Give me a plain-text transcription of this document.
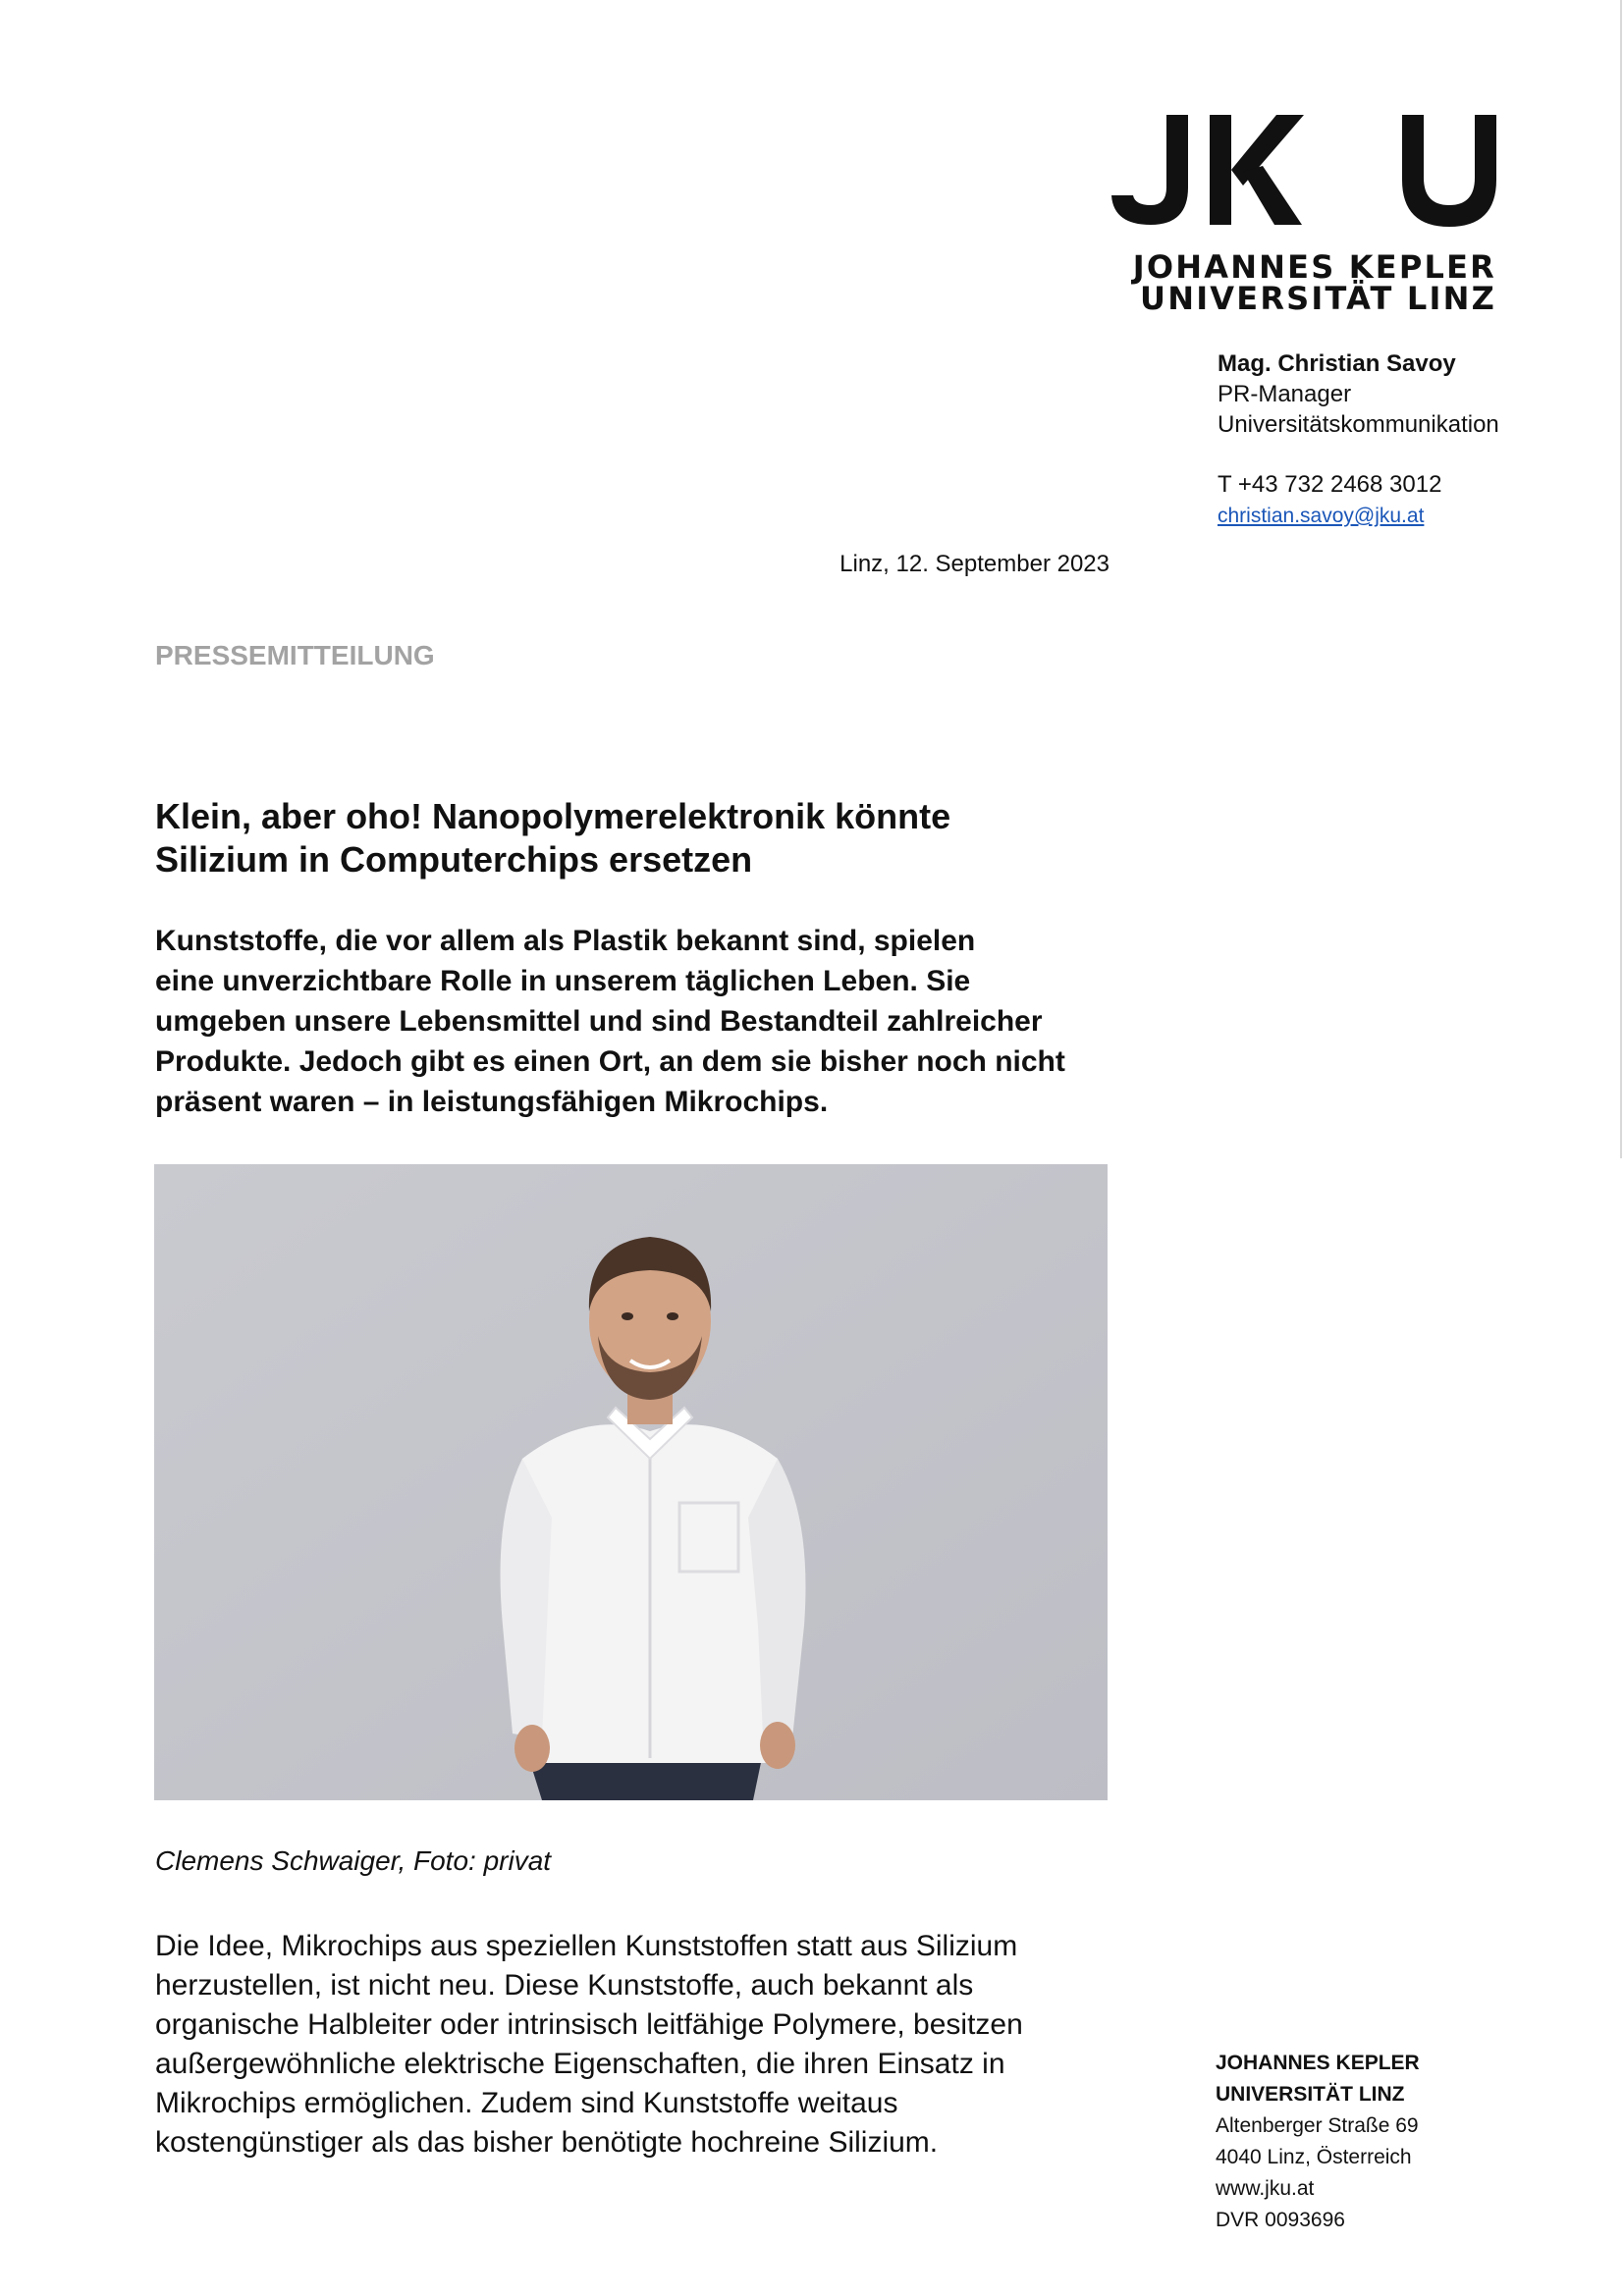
JOHANNES KEPLER
UNIVERSITÄT LINZ
Mag. Christian Savoy
PR-Manager
Universitätskommunikation
T +43 732 2468 3012
christian.savoy@jku.at
Linz, 12. September 2023
PRESSEMITTEILUNG
Klein, aber oho! Nanopolymerelektronik könnte
Silizium in Computerchips ersetzen
Kunststoffe, die vor allem als Plastik bekannt sind, spielen
eine unverzichtbare Rolle in unserem täglichen Leben. Sie
umgeben unsere Lebensmittel und sind Bestandteil zahlreicher
Produkte. Jedoch gibt es einen Ort, an dem sie bisher noch nicht
präsent waren – in leistungsfähigen Mikrochips.
Clemens Schwaiger, Foto: privat
Die Idee, Mikrochips aus speziellen Kunststoffen statt aus Silizium
herzustellen, ist nicht neu. Diese Kunststoffe, auch bekannt als
organische Halbleiter oder intrinsisch leitfähige Polymere, besitzen
außergewöhnliche elektrische Eigenschaften, die ihren Einsatz in
Mikrochips ermöglichen. Zudem sind Kunststoffe weitaus
kostengünstiger als das bisher benötigte hochreine Silizium.
JOHANNES KEPLER
UNIVERSITÄT LINZ
Altenberger Straße 69
4040 Linz, Österreich
www.jku.at
DVR 0093696
